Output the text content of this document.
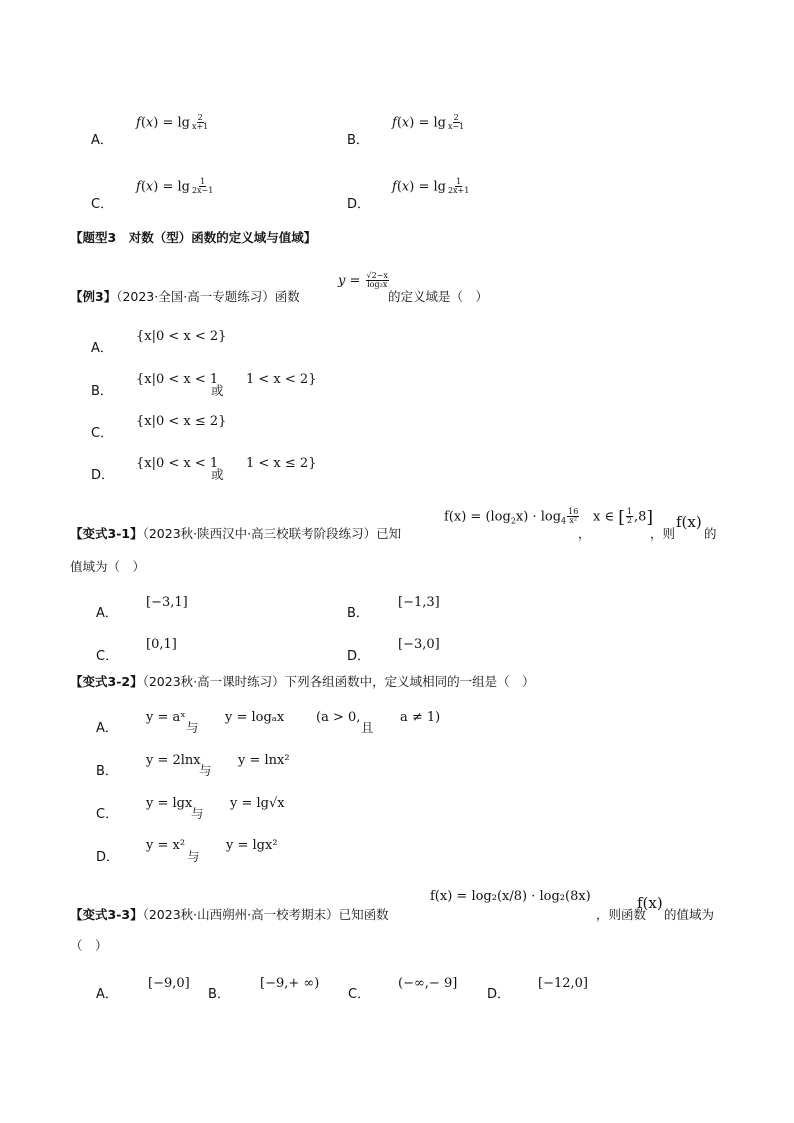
A．
$f(x) = \lg \frac{2}{x+1}$
B．
$f(x) = \lg \frac{2}{x-1}$
C．
$f(x) = \lg \frac{1}{2x-1}$
D．
$f(x) = \lg \frac{1}{2x+1}$
【题型3　对数（型）函数的定义域与值域】
【例3】（2023·全国·高一专题练习）函数
$y = \frac{√2-x}{\text{log₂x}}$
的定义域是（　）
A．
{x|0 < x < 2}
B．
{x|0 < x < 1
或
1 < x < 2}
C．
{x|0 < x ≤ 2}
D．
{x|0 < x < 1
或
1 < x ≤ 2}
【变式3-1】（2023秋·陕西汉中·高三校联考阶段练习）已知
$f(x) = (\log_2x) \cdot \log_4 \frac{16}{\text{x²}}$
，
x ∈ [ $\frac{1}{2} ,8$]
，则
f(x)
的
值域为（　）
A．
[−3,1]
B．
[−1,3]
C．
[0,1]
D．
[−3,0]
【变式3-2】（2023秋·高一课时练习）下列各组函数中，定义域相同的一组是（　）
A．
y = aˣ
与
y = logₐx (a > 0,
且
a ≠ 1)
B．
y = 2lnx
与
y = lnx²
C．
y = lgx
与
y = lg√x
D．
y = x²
与
y = lgx²
【变式3-3】（2023秋·山西朔州·高一校考期末）已知函数
f(x) = log₂(x/8) · log₂(8x)
，则函数
f(x)
的值域为
（　）
A．
[−9,0]
B．
[−9,+ ∞)
C．
(−∞,− 9]
D．
[−12,0]
